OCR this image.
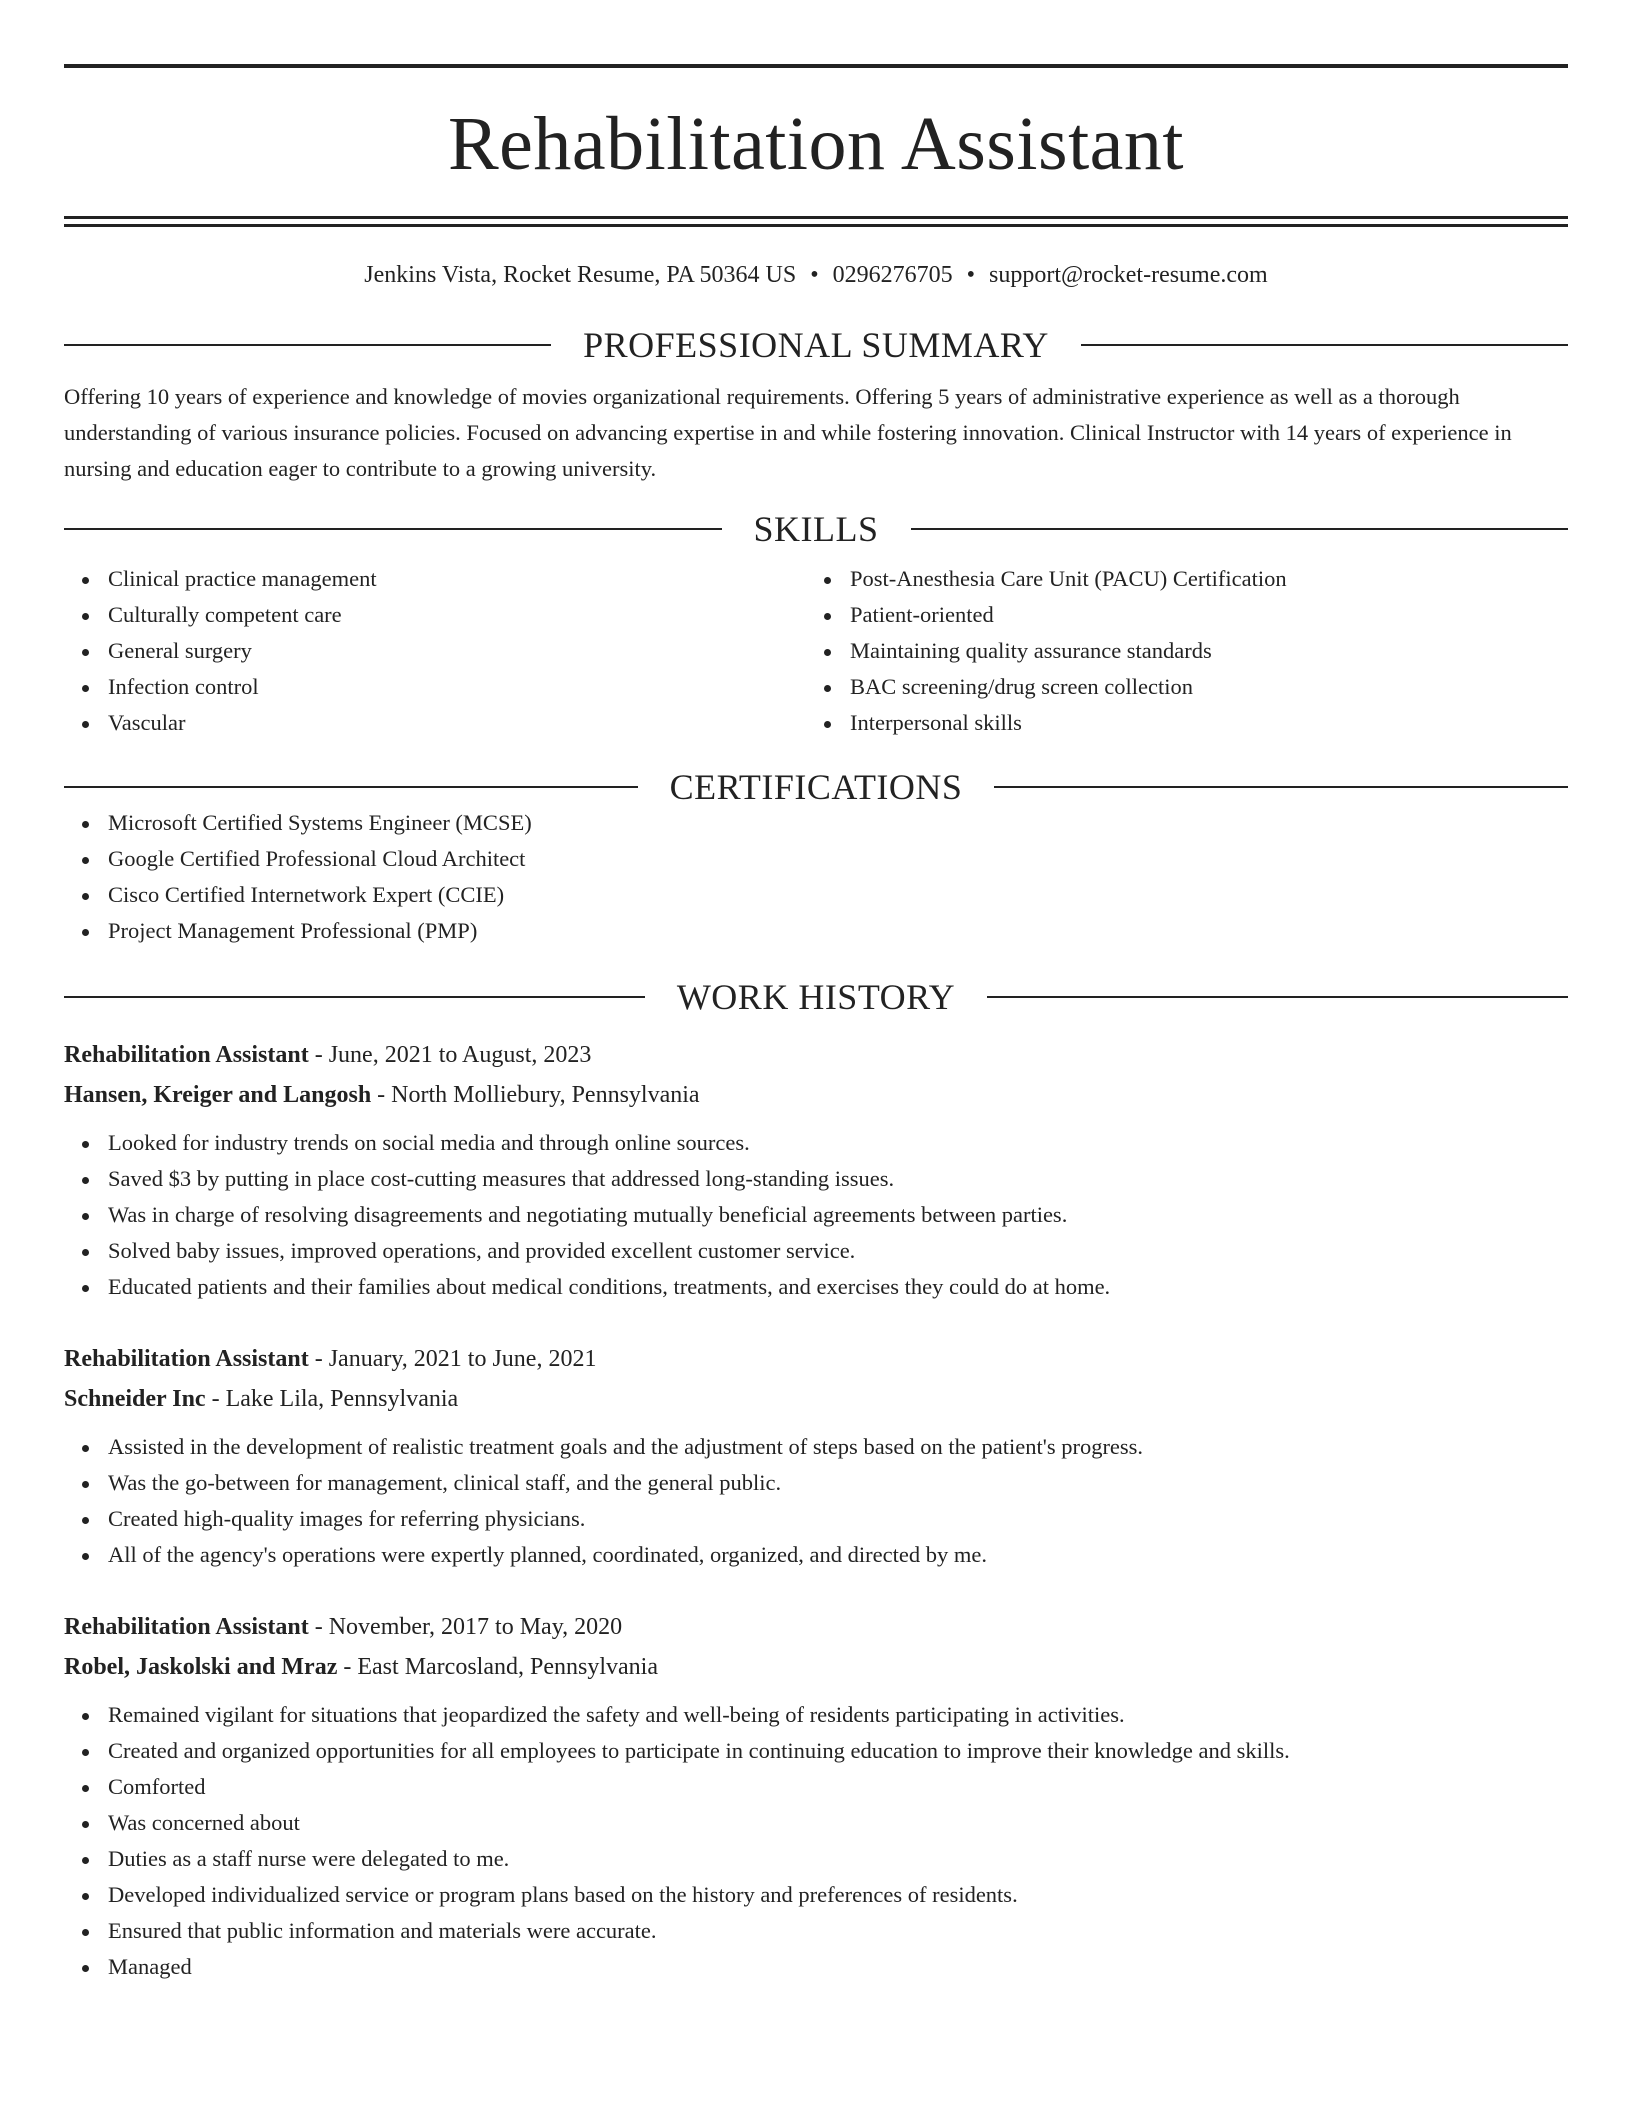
Rehabilitation Assistant
Jenkins Vista, Rocket Resume, PA 50364 US • 0296276705 • support@rocket-resume.com
PROFESSIONAL SUMMARY

Offering 10 years of experience and knowledge of movies organizational requirements. Offering 5 years of administrative experience as well as a thorough understanding of various insurance policies. Focused on advancing expertise in and while fostering innovation. Clinical Instructor with 14 years of experience in nursing and education eager to contribute to a growing university.

SKILLS
Clinical practice management
Culturally competent care
General surgery
Infection control
Vascular
Post-Anesthesia Care Unit (PACU) Certification
Patient-oriented
Maintaining quality assurance standards
BAC screening/drug screen collection
Interpersonal skills
CERTIFICATIONS
Microsoft Certified Systems Engineer (MCSE)
Google Certified Professional Cloud Architect
Cisco Certified Internetwork Expert (CCIE)
Project Management Professional (PMP)
WORK HISTORY
Rehabilitation Assistant - June, 2021 to August, 2023
Hansen, Kreiger and Langosh - North Molliebury, Pennsylvania
Looked for industry trends on social media and through online sources.
Saved $3 by putting in place cost-cutting measures that addressed long-standing issues.
Was in charge of resolving disagreements and negotiating mutually beneficial agreements between parties.
Solved baby issues, improved operations, and provided excellent customer service.
Educated patients and their families about medical conditions, treatments, and exercises they could do at home.
Rehabilitation Assistant - January, 2021 to June, 2021
Schneider Inc - Lake Lila, Pennsylvania
Assisted in the development of realistic treatment goals and the adjustment of steps based on the patient's progress.
Was the go-between for management, clinical staff, and the general public.
Created high-quality images for referring physicians.
All of the agency's operations were expertly planned, coordinated, organized, and directed by me.
Rehabilitation Assistant - November, 2017 to May, 2020
Robel, Jaskolski and Mraz - East Marcosland, Pennsylvania
Remained vigilant for situations that jeopardized the safety and well-being of residents participating in activities.
Created and organized opportunities for all employees to participate in continuing education to improve their knowledge and skills.
Comforted
Was concerned about
Duties as a staff nurse were delegated to me.
Developed individualized service or program plans based on the history and preferences of residents.
Ensured that public information and materials were accurate.
Managed
